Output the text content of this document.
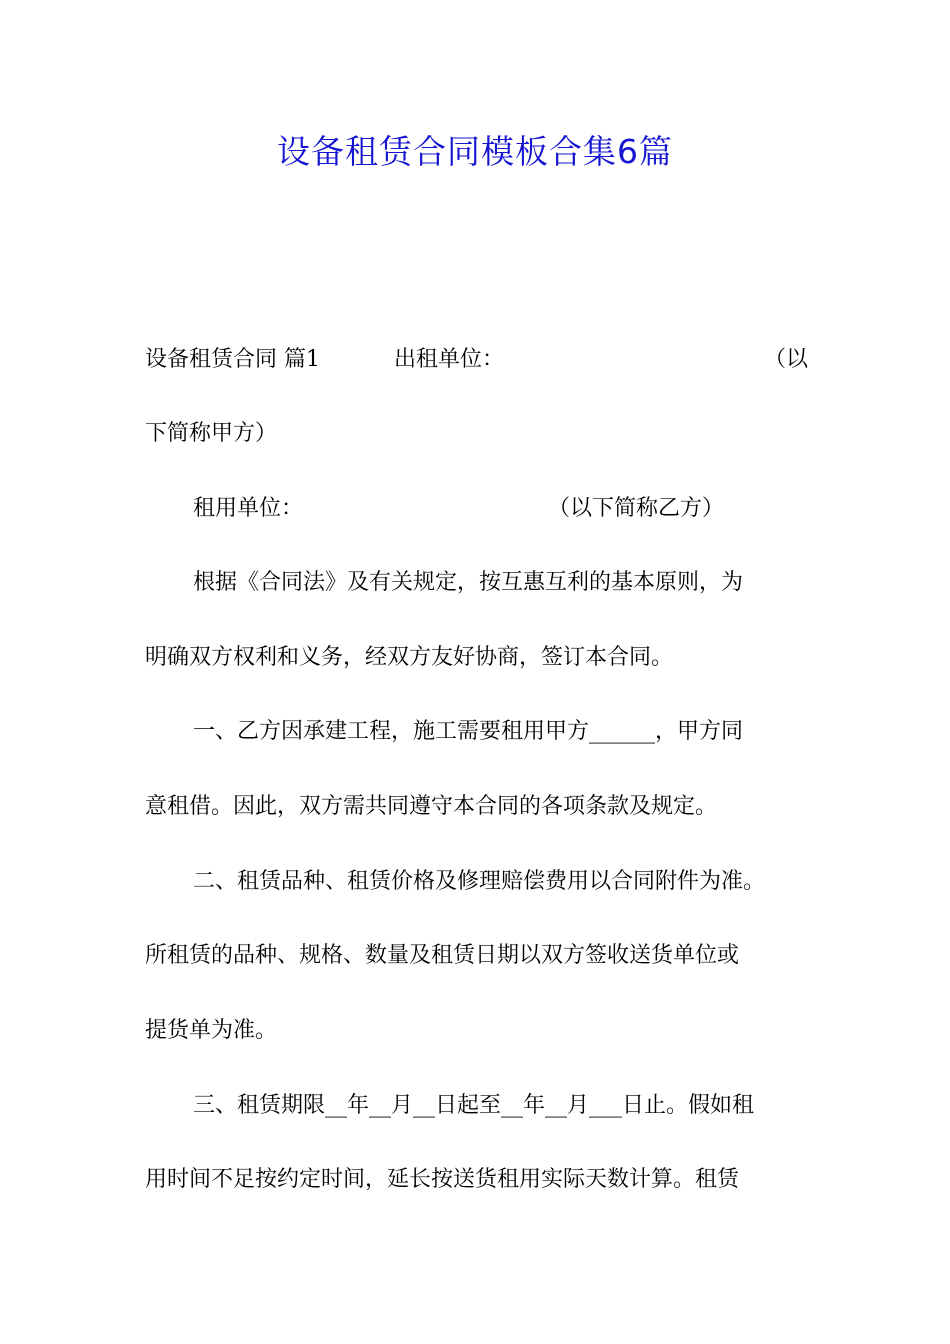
设备租赁合同模板合集6篇
设备租赁合同 篇1	出租单位：	（以

下简称甲方）

租用单位：	（以下简称乙方）

根据《合同法》及有关规定，按互惠互利的基本原则，为

明确双方权利和义务，经双方友好协商，签订本合同。

一、乙方因承建工程，施工需要租用甲方______，甲方同

意租借。因此，双方需共同遵守本合同的各项条款及规定。

二、租赁品种、租赁价格及修理赔偿费用以合同附件为准。

所租赁的品种、规格、数量及租赁日期以双方签收送货单位或

提货单为准。

三、租赁期限__年__月__日起至__年__月___日止。假如租

用时间不足按约定时间，延长按送货租用实际天数计算。租赁
